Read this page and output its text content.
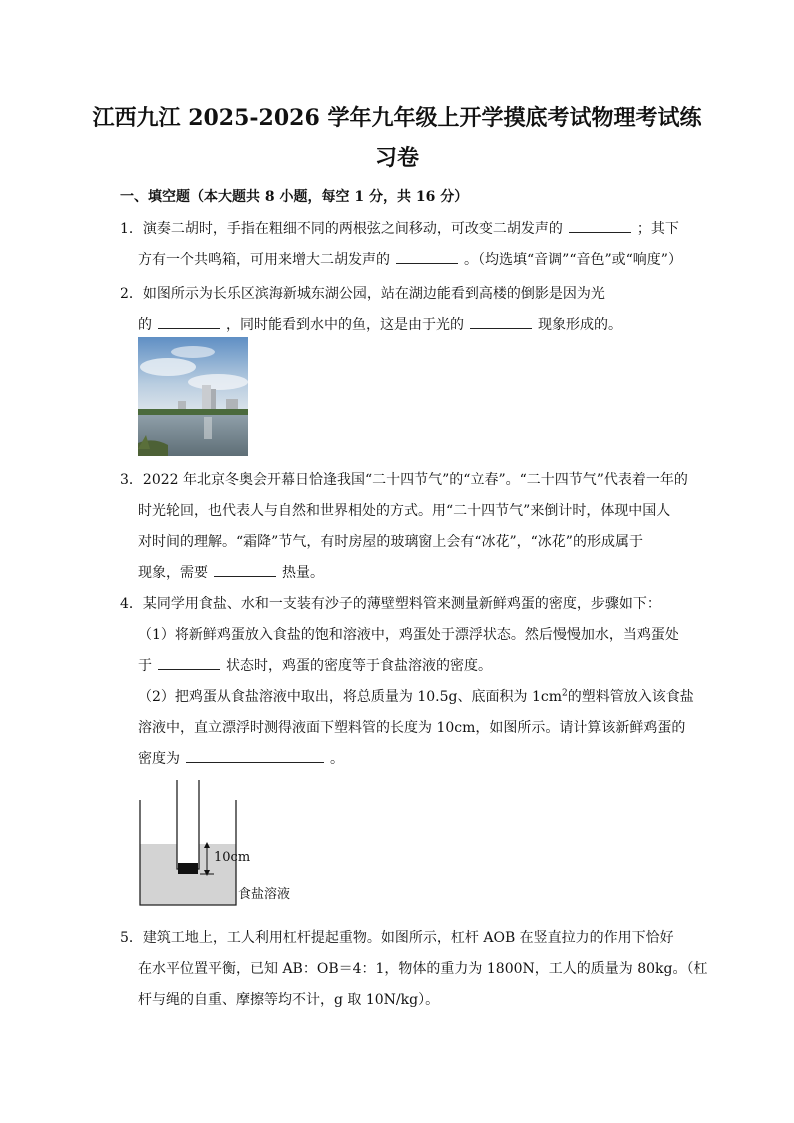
江西九江 2025-2026 学年九年级上开学摸底考试物理考试练
习卷
一、填空题（本大题共 8 小题，每空 1 分，共 16 分）
1．演奏二胡时，手指在粗细不同的两根弦之间移动，可改变二胡发声的	；其下
方有一个共鸣箱，可用来增大二胡发声的	。（均选填“音调”“音色”或“响度”）
2．如图所示为长乐区滨海新城东湖公园，站在湖边能看到高楼的倒影是因为光
的	，同时能看到水中的鱼，这是由于光的	现象形成的。
3．2022 年北京冬奥会开幕日恰逢我国“二十四节气”的“立春”。“二十四节气”代表着一年的
时光轮回，也代表人与自然和世界相处的方式。用“二十四节气”来倒计时，体现中国人
对时间的理解。“霜降”节气，有时房屋的玻璃窗上会有“冰花”，“冰花”的形成属于
现象，需要	热量。
4．某同学用食盐、水和一支装有沙子的薄壁塑料管来测量新鲜鸡蛋的密度，步骤如下：
（1）将新鲜鸡蛋放入食盐的饱和溶液中，鸡蛋处于漂浮状态。然后慢慢加水，当鸡蛋处
于	状态时，鸡蛋的密度等于食盐溶液的密度。
（2）把鸡蛋从食盐溶液中取出，将总质量为 10.5g、底面积为 $1cm^2$的塑料管放入该食盐
溶液中，直立漂浮时测得液面下塑料管的长度为 10cm，如图所示。请计算该新鲜鸡蛋的
密度为	。
10cm
食盐溶液
5．建筑工地上，工人利用杠杆提起重物。如图所示，杠杆 AOB 在竖直拉力的作用下恰好
在水平位置平衡，已知 AB：OB＝4：1，物体的重力为 1800N，工人的质量为 80kg。（杠
杆与绳的自重、摩擦等均不计，g 取 10N/kg）。
